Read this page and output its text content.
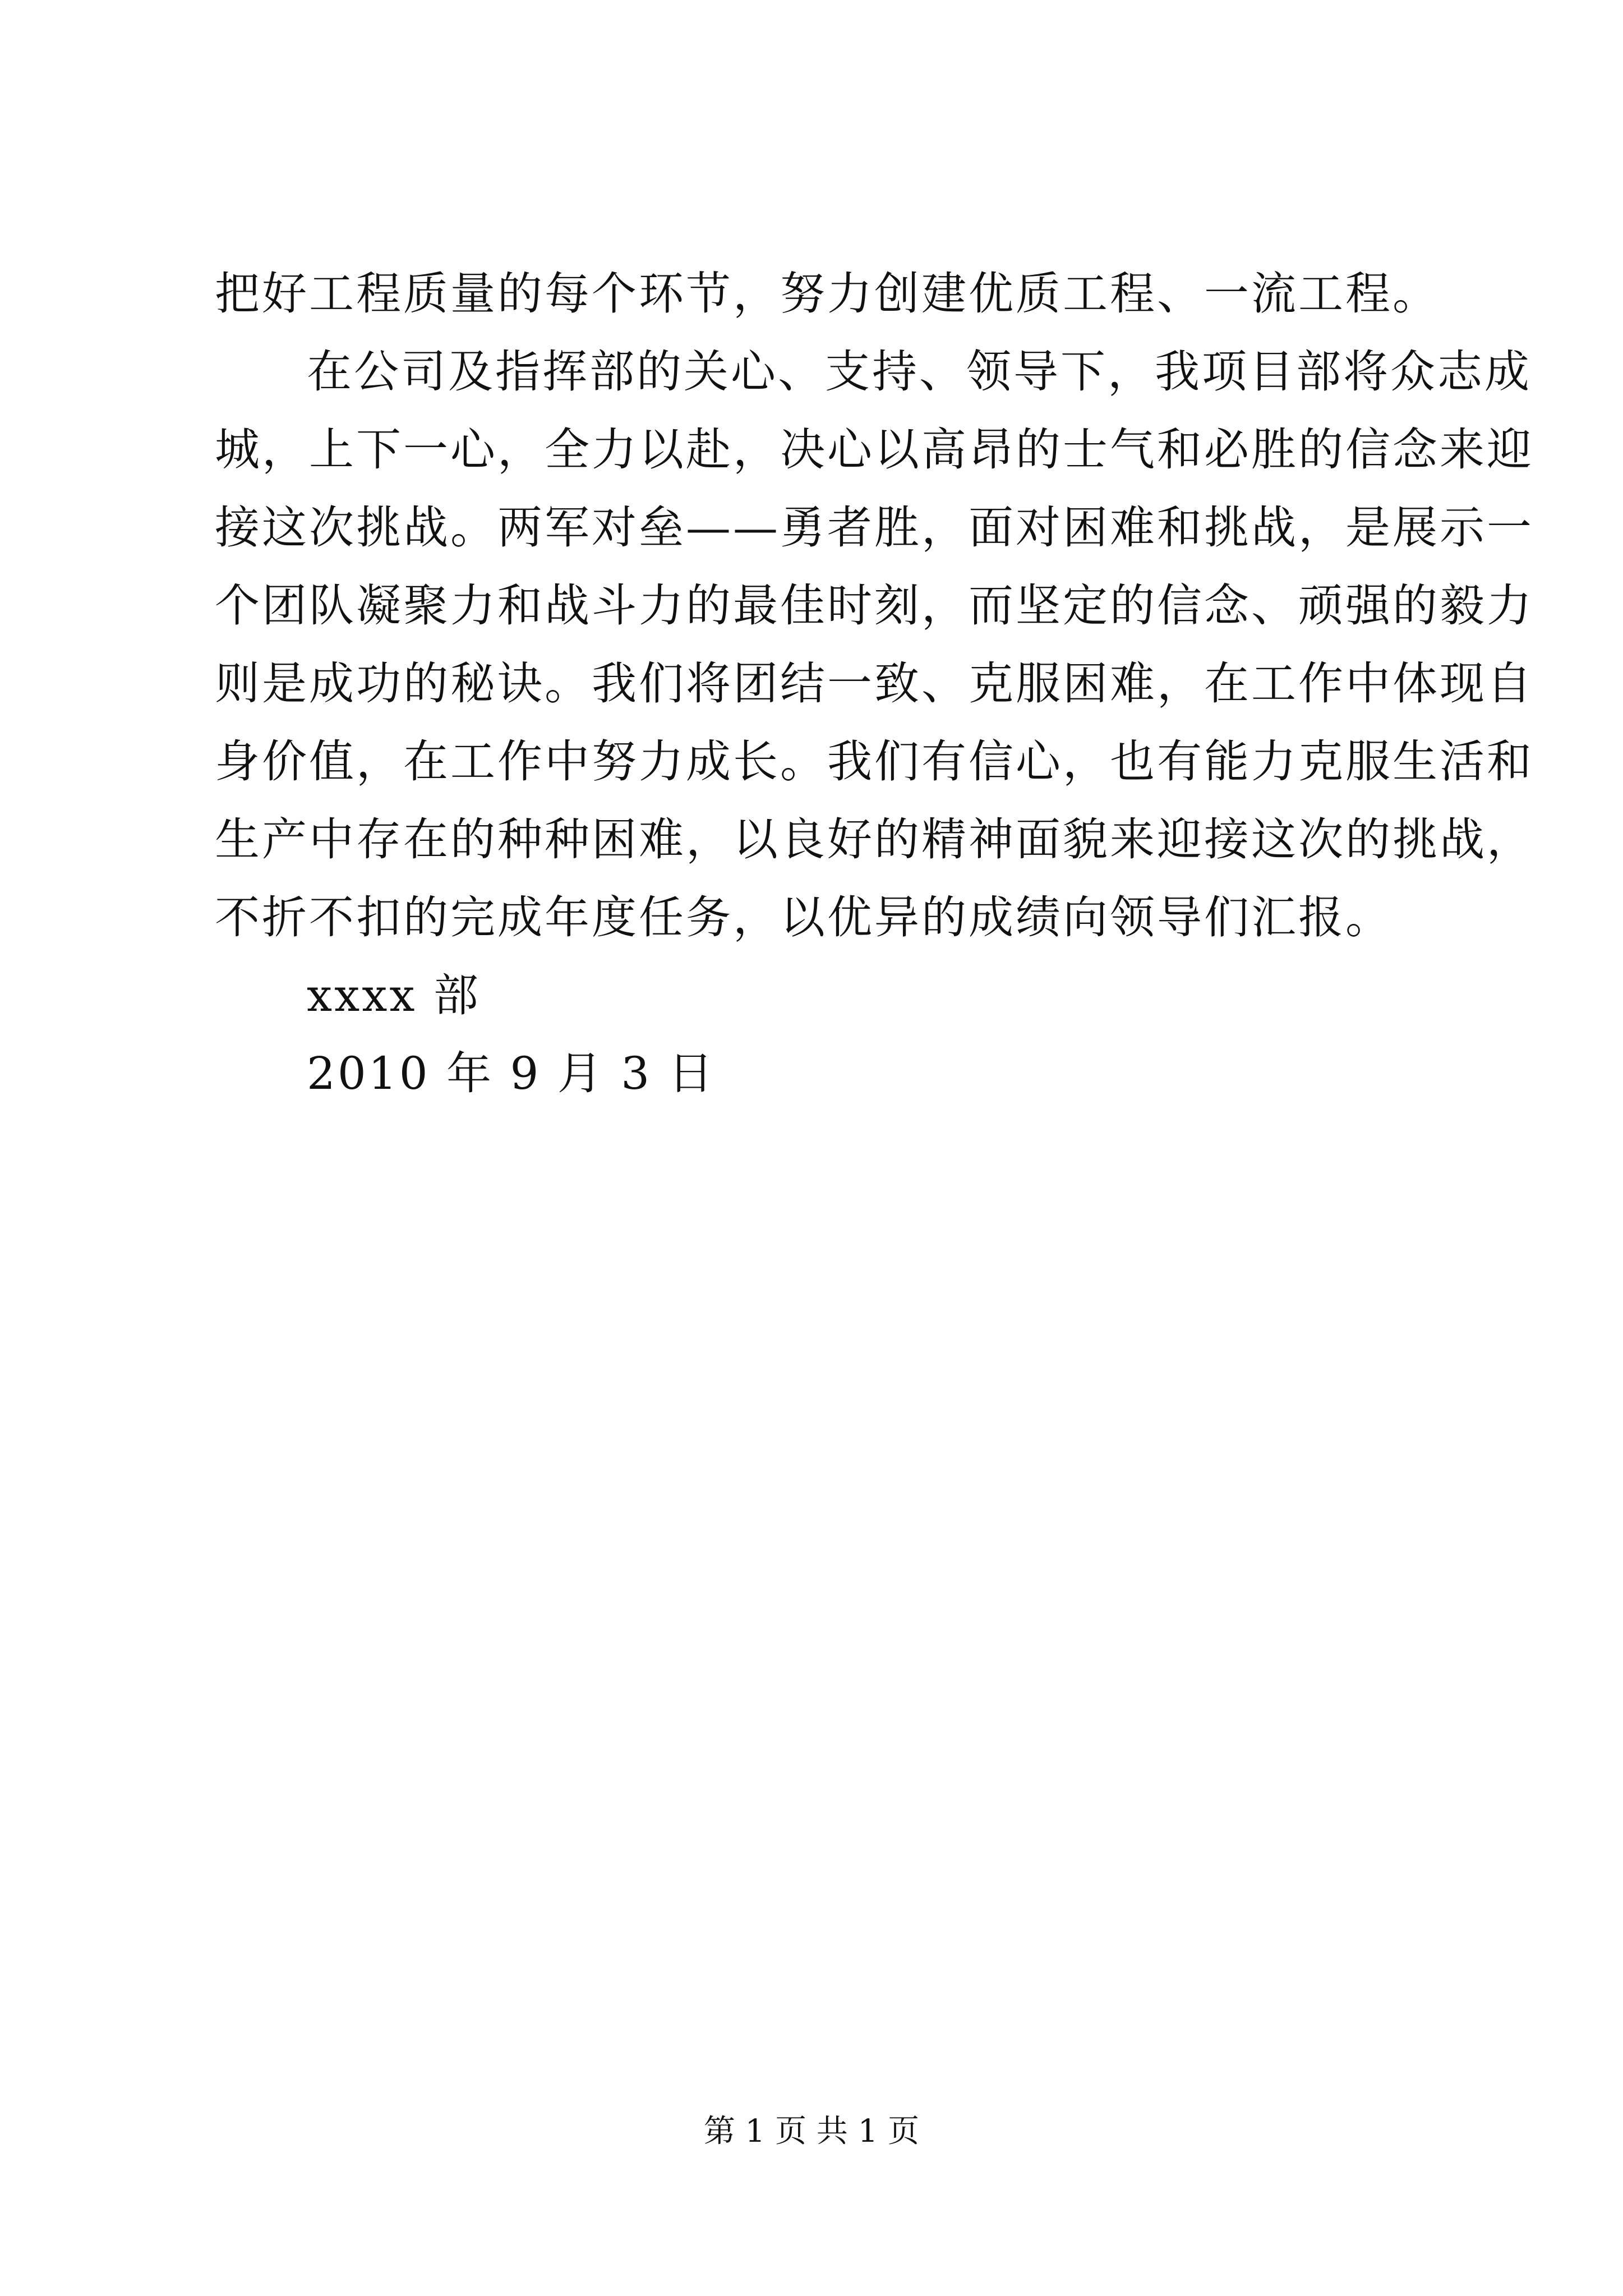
把好工程质量的每个环节，努力创建优质工程、一流工程。
在公司及指挥部的关心、支持、领导下，我项目部将众志成
城，上下一心，全力以赴，决心以高昂的士气和必胜的信念来迎
接这次挑战。两军对垒——勇者胜，面对困难和挑战，是展示一
个团队凝聚力和战斗力的最佳时刻，而坚定的信念、顽强的毅力
则是成功的秘诀。我们将团结一致、克服困难，在工作中体现自
身价值，在工作中努力成长。我们有信心，也有能力克服生活和
生产中存在的种种困难，以良好的精神面貌来迎接这次的挑战，
不折不扣的完成年度任务，以优异的成绩向领导们汇报。
xxxx 部
2010 年 9 月 3 日
第 1 页 共 1 页
